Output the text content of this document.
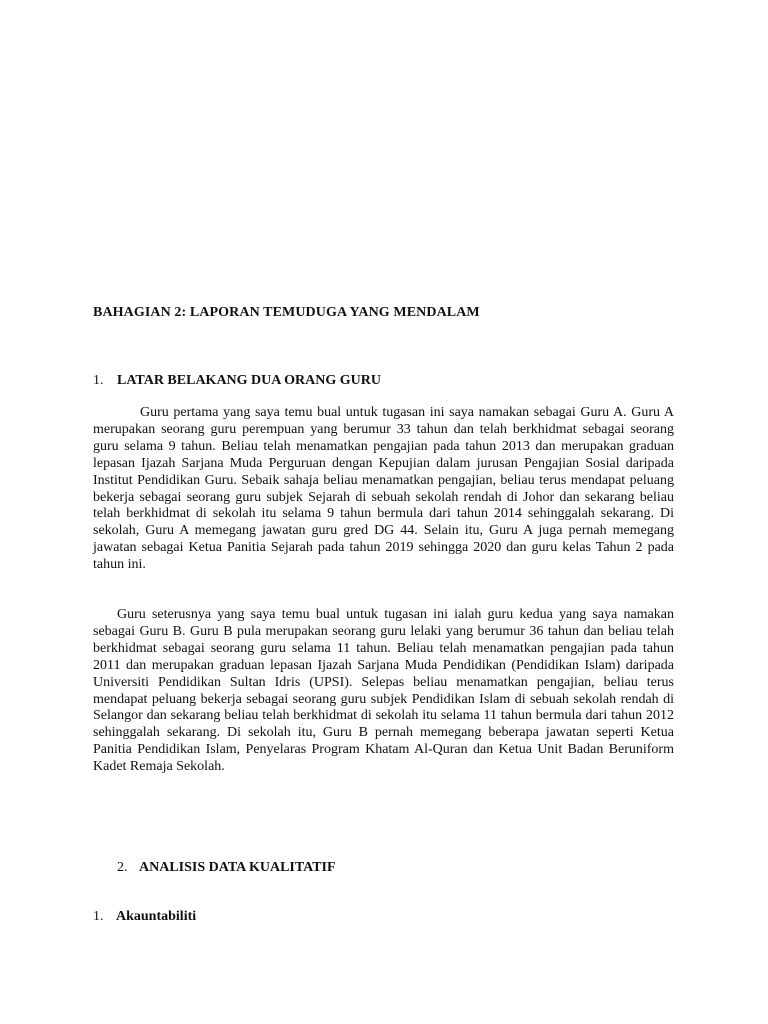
BAHAGIAN 2: LAPORAN TEMUDUGA YANG MENDALAM
1. LATAR BELAKANG DUA ORANG GURU

Guru pertama yang saya temu bual untuk tugasan ini saya namakan sebagai Guru A. Guru A merupakan seorang guru perempuan yang berumur 33 tahun dan telah berkhidmat sebagai seorang guru selama 9 tahun. Beliau telah menamatkan pengajian pada tahun 2013 dan merupakan graduan lepasan Ijazah Sarjana Muda Perguruan dengan Kepujian dalam jurusan Pengajian Sosial daripada Institut Pendidikan Guru. Sebaik sahaja beliau menamatkan pengajian, beliau terus mendapat peluang bekerja sebagai seorang guru subjek Sejarah di sebuah sekolah rendah di Johor dan sekarang beliau telah berkhidmat di sekolah itu selama 9 tahun bermula dari tahun 2014 sehinggalah sekarang. Di sekolah, Guru A memegang jawatan guru gred DG 44. Selain itu, Guru A juga pernah memegang jawatan sebagai Ketua Panitia Sejarah pada tahun 2019 sehingga 2020 dan guru kelas Tahun 2 pada tahun ini.

Guru seterusnya yang saya temu bual untuk tugasan ini ialah guru kedua yang saya namakan sebagai Guru B. Guru B pula merupakan seorang guru lelaki yang berumur 36 tahun dan beliau telah berkhidmat sebagai seorang guru selama 11 tahun. Beliau telah menamatkan pengajian pada tahun 2011 dan merupakan graduan lepasan Ijazah Sarjana Muda Pendidikan (Pendidikan Islam) daripada Universiti Pendidikan Sultan Idris (UPSI). Selepas beliau menamatkan pengajian, beliau terus mendapat peluang bekerja sebagai seorang guru subjek Pendidikan Islam di sebuah sekolah rendah di Selangor dan sekarang beliau telah berkhidmat di sekolah itu selama 11 tahun bermula dari tahun 2012 sehinggalah sekarang. Di sekolah itu, Guru B pernah memegang beberapa jawatan seperti Ketua Panitia Pendidikan Islam, Penyelaras Program Khatam Al-Quran dan Ketua Unit Badan Beruniform Kadet Remaja Sekolah.

2. ANALISIS DATA KUALITATIF
1. Akauntabiliti
